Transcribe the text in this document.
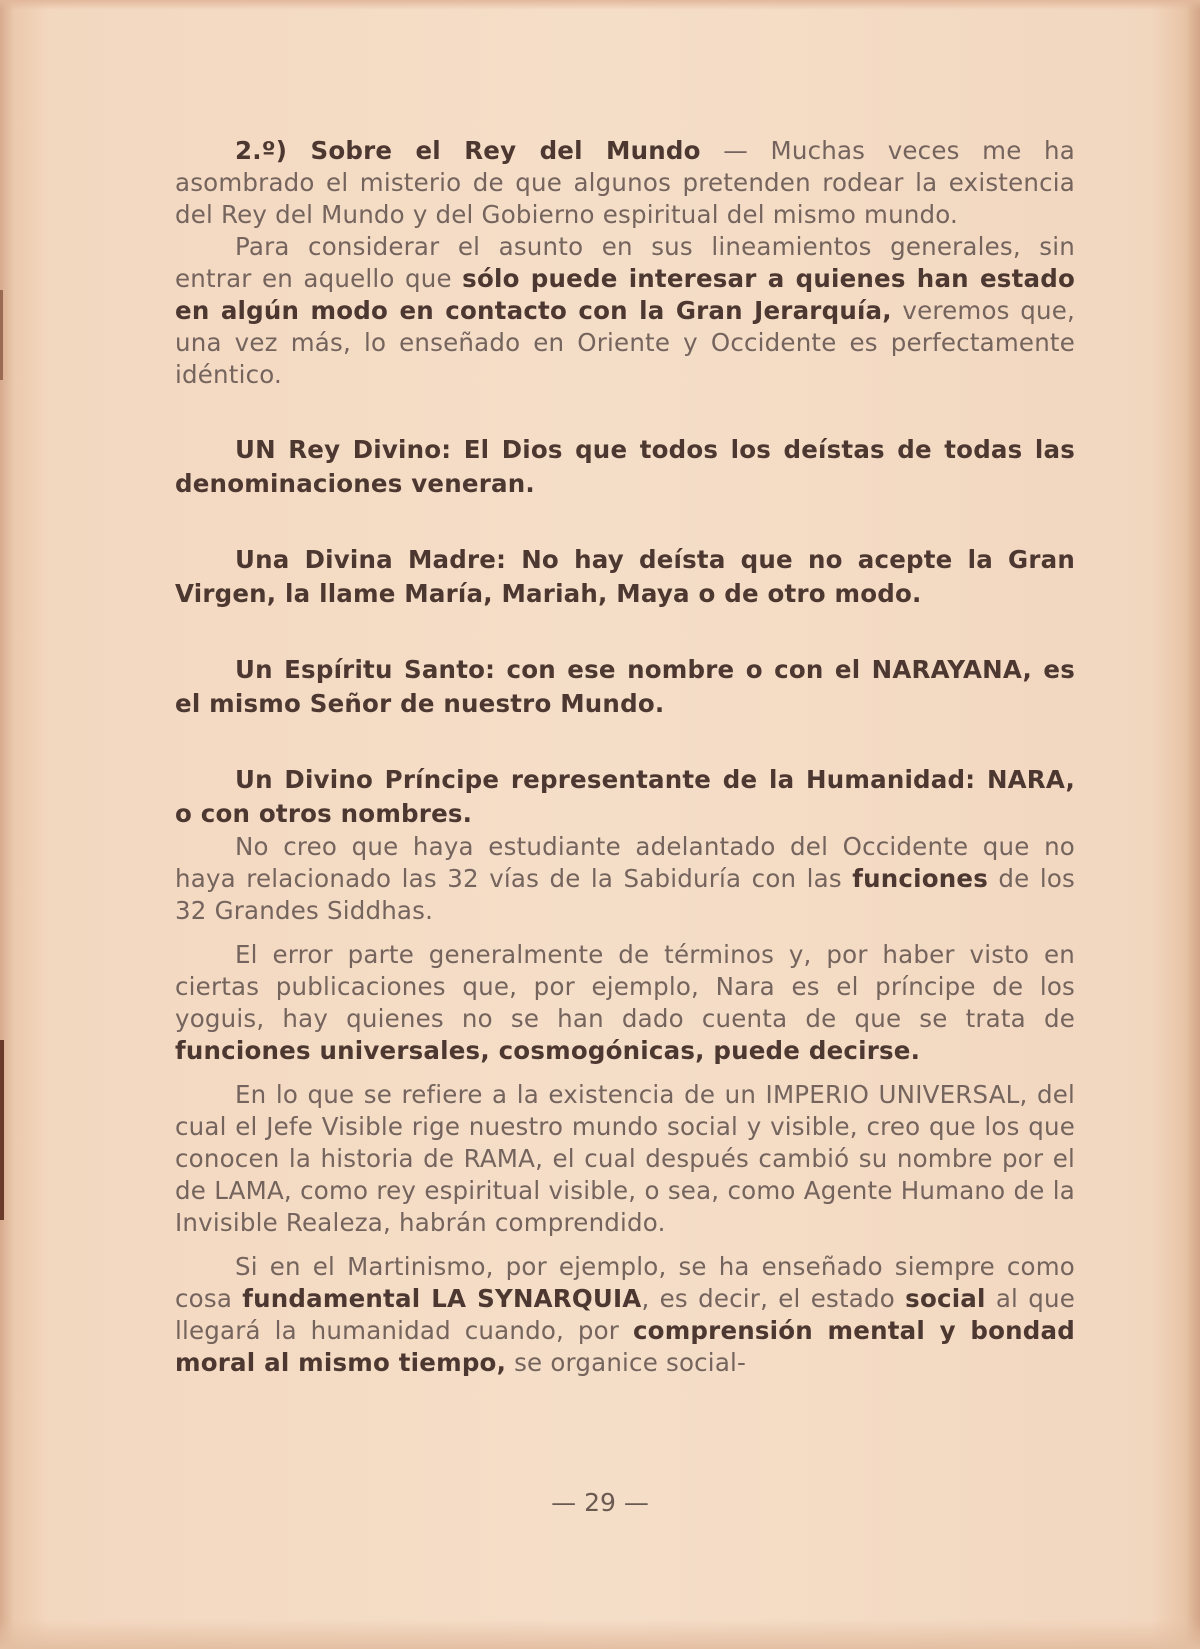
2.º) Sobre el Rey del Mundo — Muchas veces me ha asombrado el misterio de que algunos pretenden rodear la existencia del Rey del Mundo y del Gobierno espiritual del mismo mundo.

Para considerar el asunto en sus lineamientos generales, sin entrar en aquello que sólo puede interesar a quienes han estado en algún modo en contacto con la Gran Jerarquía, veremos que, una vez más, lo enseñado en Oriente y Occidente es perfectamente idéntico.

UN Rey Divino: El Dios que todos los deístas de todas las denominaciones veneran.

Una Divina Madre: No hay deísta que no acepte la Gran Virgen, la llame María, Mariah, Maya o de otro modo.

Un Espíritu Santo: con ese nombre o con el NARAYANA, es el mismo Señor de nuestro Mundo.

Un Divino Príncipe representante de la Humanidad: NARA, o con otros nombres.

No creo que haya estudiante adelantado del Occidente que no haya relacionado las 32 vías de la Sabiduría con las funciones de los 32 Grandes Siddhas.

El error parte generalmente de términos y, por haber visto en ciertas publicaciones que, por ejemplo, Nara es el príncipe de los yoguis, hay quienes no se han dado cuenta de que se trata de funciones universales, cosmogónicas, puede decirse.

En lo que se refiere a la existencia de un IMPERIO UNIVERSAL, del cual el Jefe Visible rige nuestro mundo social y visible, creo que los que conocen la historia de RAMA, el cual después cambió su nombre por el de LAMA, como rey espiritual visible, o sea, como Agente Humano de la Invisible Realeza, habrán comprendido.

Si en el Martinismo, por ejemplo, se ha enseñado siempre como cosa fundamental LA SYNARQUIA, es decir, el estado social al que llegará la humanidad cuando, por comprensión mental y bondad moral al mismo tiempo, se organice social-

— 29 —
